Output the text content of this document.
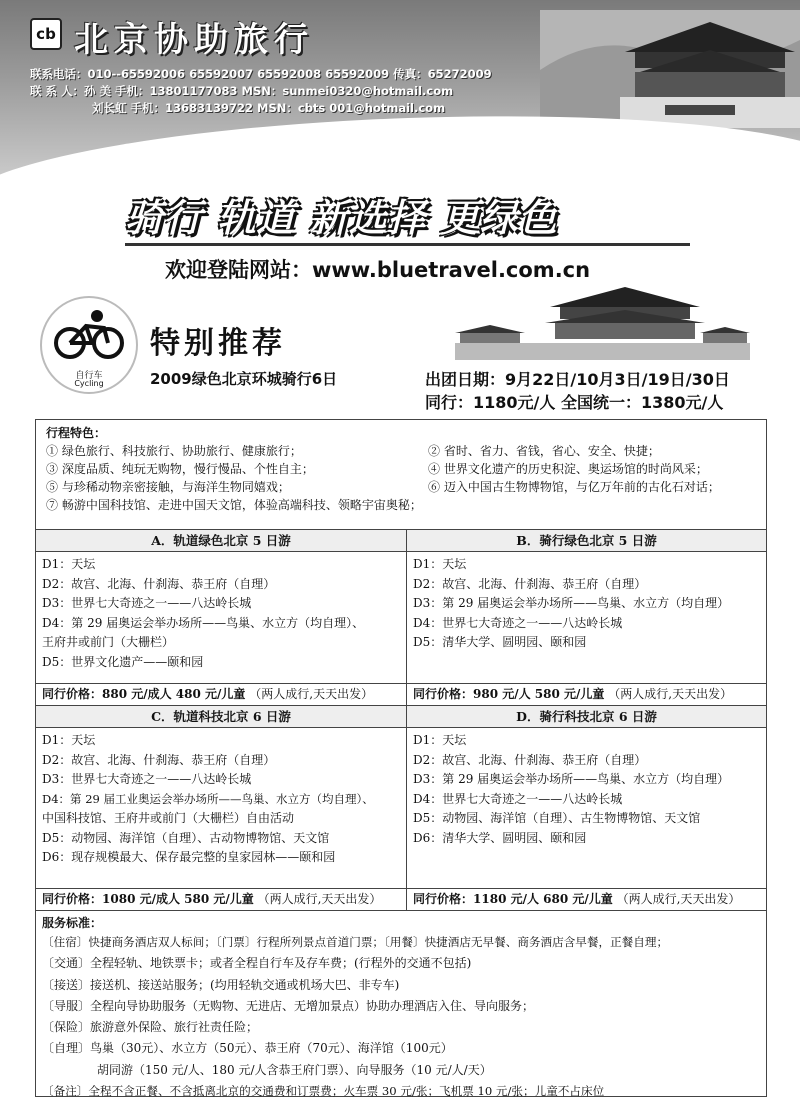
cb 北京协助旅行
联系电话：010--65592006 65592007 65592008 65592009 传真：65272009
联 系 人：孙 美 手机：13801177083 MSN：sunmei0320@hotmail.com
刘长虹 手机：13683139722 MSN：cbts 001@hotmail.com
骑行 轨道 新选择 更绿色
欢迎登陆网站：www.bluetravel.com.cn
自行车
Cycling
特别推荐
2009绿色北京环城骑行6日	出团日期：9月22日/10月3日/19日/30日
同行：1180元/人 全国统一：1380元/人
行程特色：
① 绿色旅行、科技旅行、协助旅行、健康旅行；	② 省时、省力、省钱，省心、安全、快捷；
③ 深度品质、纯玩无购物，慢行慢品、个性自主；	④ 世界文化遗产的历史积淀、奥运场馆的时尚风采；
⑤ 与珍稀动物亲密接触，与海洋生物同嬉戏；	⑥ 迈入中国古生物博物馆，与亿万年前的古化石对话；
⑦ 畅游中国科技馆、走进中国天文馆，体验高端科技、领略宇宙奥秘；
A．轨道绿色北京 5 日游
D1：天坛
D2：故宫、北海、什刹海、恭王府（自理）
D3：世界七大奇迹之一——八达岭长城
D4：第 29 届奥运会举办场所——鸟巢、水立方（均自理）、
王府井或前门（大栅栏）
D5：世界文化遗产——颐和园
同行价格：880 元/成人 480 元/儿童 （两人成行,天天出发）
B．骑行绿色北京 5 日游
D1：天坛
D2：故宫、北海、什刹海、恭王府（自理）
D3：第 29 届奥运会举办场所——鸟巢、水立方（均自理）
D4：世界七大奇迹之一——八达岭长城
D5：清华大学、圆明园、颐和园
同行价格：980 元/人 580 元/儿童 （两人成行,天天出发）
C．轨道科技北京 6 日游
D1：天坛
D2：故宫、北海、什刹海、恭王府（自理）
D3：世界七大奇迹之一——八达岭长城
D4：第 29 届工业奥运会举办场所——鸟巢、水立方（均自理）、
中国科技馆、王府井或前门（大栅栏）自由活动
D5：动物园、海洋馆（自理）、古动物博物馆、天文馆
D6：现存规模最大、保存最完整的皇家园林——颐和园
同行价格：1080 元/成人 580 元/儿童 （两人成行,天天出发）
D．骑行科技北京 6 日游
D1：天坛
D2：故宫、北海、什刹海、恭王府（自理）
D3：第 29 届奥运会举办场所——鸟巢、水立方（均自理）
D4：世界七大奇迹之一——八达岭长城
D5：动物园、海洋馆（自理）、古生物博物馆、天文馆
D6：清华大学、圆明园、颐和园
同行价格：1180 元/人 680 元/儿童 （两人成行,天天出发）
服务标准：
〔住宿〕快捷商务酒店双人标间；〔门票〕行程所列景点首道门票；〔用餐〕快捷酒店无早餐、商务酒店含早餐，正餐自理；
〔交通〕全程轻轨、地铁票卡；或者全程自行车及存车费；(行程外的交通不包括)
〔接送〕接送机、接送站服务；(均用轻轨交通或机场大巴、非专车)
〔导服〕全程向导协助服务（无购物、无进店、无增加景点）协助办理酒店入住、导向服务；
〔保险〕旅游意外保险、旅行社责任险；
〔自理〕鸟巢（30元）、水立方（50元）、恭王府（70元）、海洋馆（100元）
胡同游（150 元/人、180 元/人含恭王府门票）、向导服务（10 元/人/天）
〔备注〕全程不含正餐、不含抵离北京的交通费和订票费；火车票 30 元/张；飞机票 10 元/张；儿童不占床位
